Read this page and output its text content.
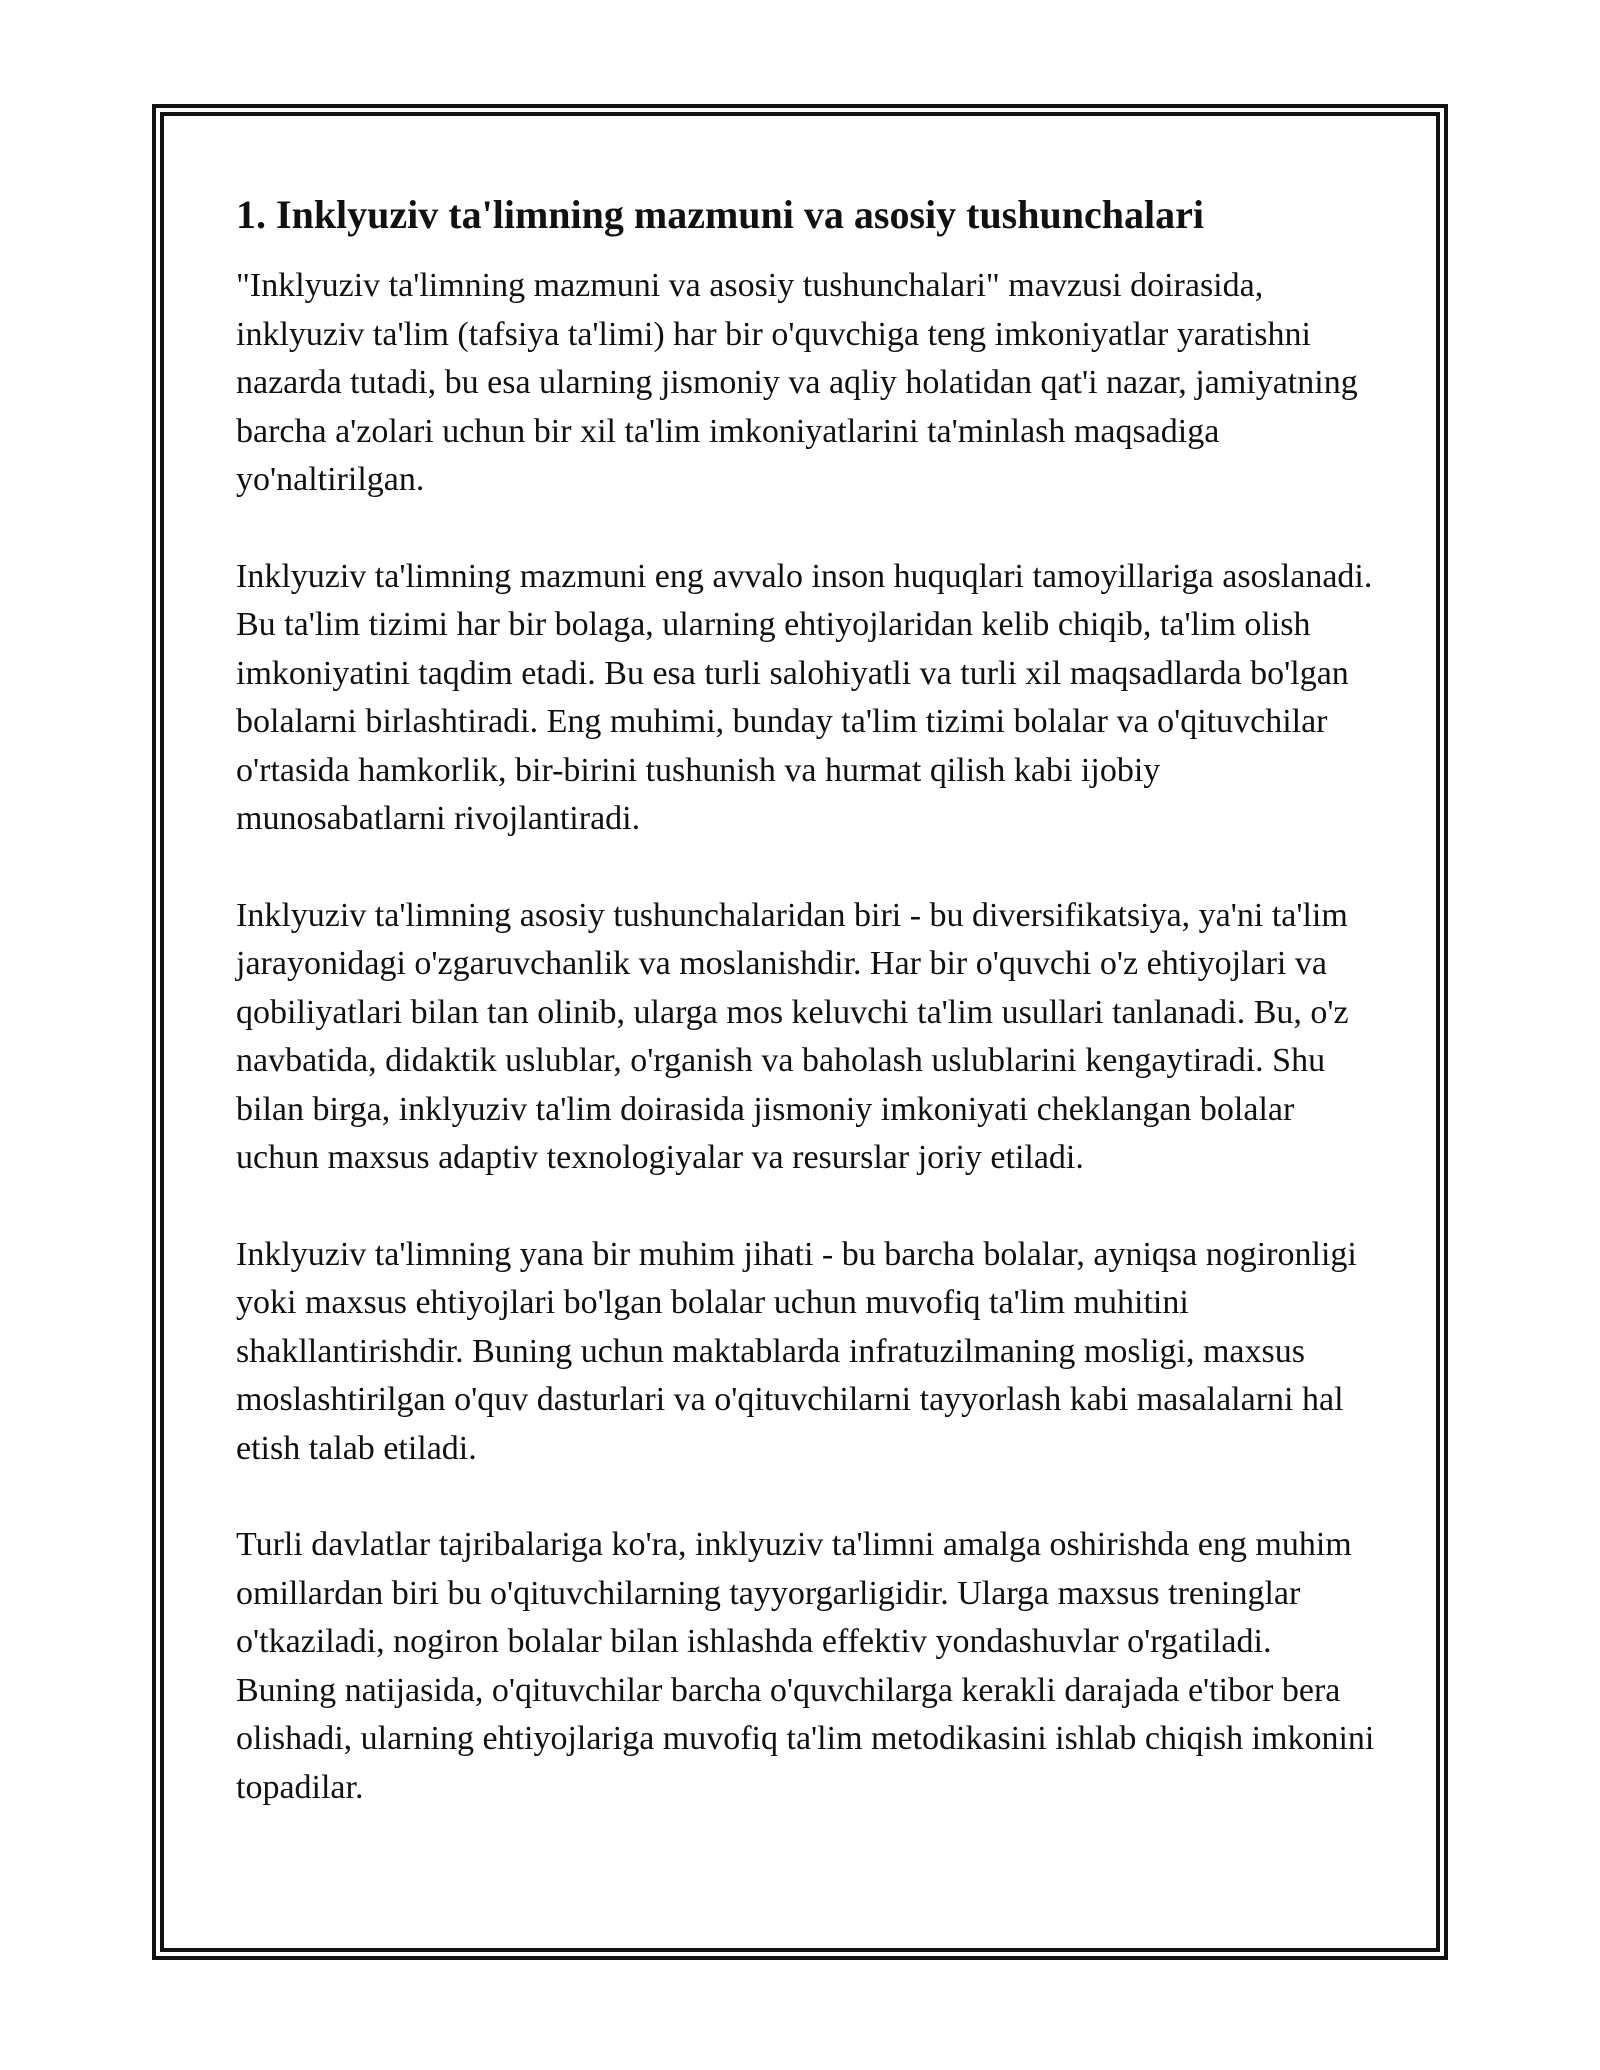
1. Inklyuziv ta'limning mazmuni va asosiy tushunchalari

"Inklyuziv ta'limning mazmuni va asosiy tushunchalari" mavzusi doirasida, inklyuziv ta'lim (tafsiya ta'limi) har bir o'quvchiga teng imkoniyatlar yaratishni nazarda tutadi, bu esa ularning jismoniy va aqliy holatidan qat'i nazar, jamiyatning barcha a'zolari uchun bir xil ta'lim imkoniyatlarini ta'minlash maqsadiga yo'naltirilgan.

Inklyuziv ta'limning mazmuni eng avvalo inson huquqlari tamoyillariga asoslanadi. Bu ta'lim tizimi har bir bolaga, ularning ehtiyojlaridan kelib chiqib, ta'lim olish imkoniyatini taqdim etadi. Bu esa turli salohiyatli va turli xil maqsadlarda bo'lgan bolalarni birlashtiradi. Eng muhimi, bunday ta'lim tizimi bolalar va o'qituvchilar o'rtasida hamkorlik, bir-birini tushunish va hurmat qilish kabi ijobiy munosabatlarni rivojlantiradi.

Inklyuziv ta'limning asosiy tushunchalaridan biri - bu diversifikatsiya, ya'ni ta'lim jarayonidagi o'zgaruvchanlik va moslanishdir. Har bir o'quvchi o'z ehtiyojlari va qobiliyatlari bilan tan olinib, ularga mos keluvchi ta'lim usullari tanlanadi. Bu, o'z navbatida, didaktik uslublar, o'rganish va baholash uslublarini kengaytiradi. Shu bilan birga, inklyuziv ta'lim doirasida jismoniy imkoniyati cheklangan bolalar uchun maxsus adaptiv texnologiyalar va resurslar joriy etiladi.

Inklyuziv ta'limning yana bir muhim jihati - bu barcha bolalar, ayniqsa nogironligi yoki maxsus ehtiyojlari bo'lgan bolalar uchun muvofiq ta'lim muhitini shakllantirishdir. Buning uchun maktablarda infratuzilmaning mosligi, maxsus moslashtirilgan o'quv dasturlari va o'qituvchilarni tayyorlash kabi masalalarni hal etish talab etiladi.

Turli davlatlar tajribalariga ko'ra, inklyuziv ta'limni amalga oshirishda eng muhim omillardan biri bu o'qituvchilarning tayyorgarligidir. Ularga maxsus treninglar o'tkaziladi, nogiron bolalar bilan ishlashda effektiv yondashuvlar o'rgatiladi. Buning natijasida, o'qituvchilar barcha o'quvchilarga kerakli darajada e'tibor bera olishadi, ularning ehtiyojlariga muvofiq ta'lim metodikasini ishlab chiqish imkonini topadilar.
